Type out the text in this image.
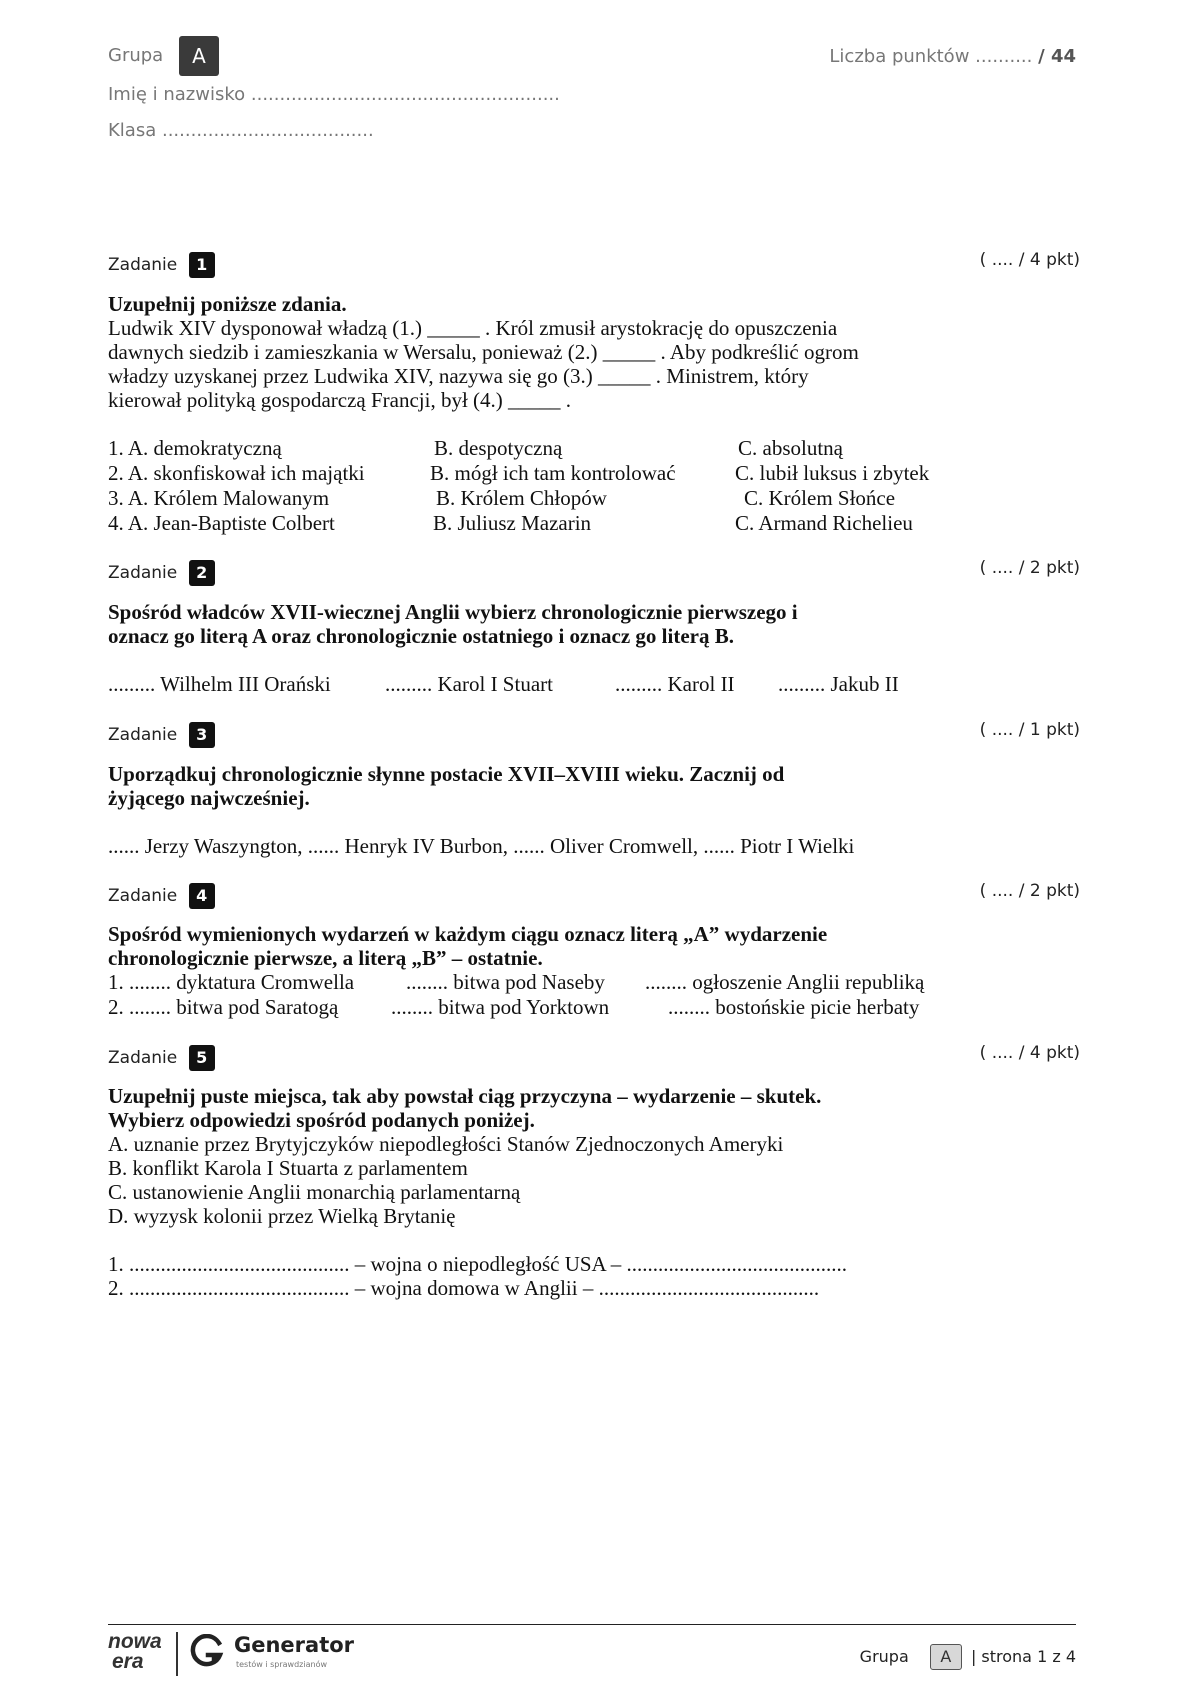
Grupa A	Liczba punktów .......... / 44
Imię i nazwisko ......................................................
Klasa .....................................
Zadanie 1	( .... / 4 pkt)
Uzupełnij poniższe zdania.
Ludwik XIV dysponował władzą (1.) _____ . Król zmusił arystokrację do opuszczenia
dawnych siedzib i zamieszkania w Wersalu, ponieważ (2.) _____ . Aby podkreślić ogrom
władzy uzyskanej przez Ludwika XIV, nazywa się go (3.) _____ . Ministrem, który
kierował polityką gospodarczą Francji, był (4.) _____ .
1. A. demokratyczną	B. despotyczną	C. absolutną
2. A. skonfiskował ich majątki	B. mógł ich tam kontrolować	C. lubił luksus i zbytek
3. A. Królem Malowanym	B. Królem Chłopów	C. Królem Słońce
4. A. Jean-Baptiste Colbert	B. Juliusz Mazarin	C. Armand Richelieu
Zadanie 2	( .... / 2 pkt)
Spośród władców XVII-wiecznej Anglii wybierz chronologicznie pierwszego i
oznacz go literą A oraz chronologicznie ostatniego i oznacz go literą B.
......... Wilhelm III Orański	......... Karol I Stuart	......... Karol II ......... Jakub II
Zadanie 3	( .... / 1 pkt)
Uporządkuj chronologicznie słynne postacie XVII–XVIII wieku. Zacznij od
żyjącego najwcześniej.
...... Jerzy Waszyngton, ...... Henryk IV Burbon, ...... Oliver Cromwell, ...... Piotr I Wielki
Zadanie 4	( .... / 2 pkt)
Spośród wymienionych wydarzeń w każdym ciągu oznacz literą „A” wydarzenie
chronologicznie pierwsze, a literą „B” – ostatnie.
1. ........ dyktatura Cromwella ........ bitwa pod Naseby ........ ogłoszenie Anglii republiką
2. ........ bitwa pod Saratogą	........ bitwa pod Yorktown	........ bostońskie picie herbaty
Zadanie 5	( .... / 4 pkt)
Uzupełnij puste miejsca, tak aby powstał ciąg przyczyna – wydarzenie – skutek.
Wybierz odpowiedzi spośród podanych poniżej.
A. uznanie przez Brytyjczyków niepodległości Stanów Zjednoczonych Ameryki
B. konflikt Karola I Stuarta z parlamentem
C. ustanowienie Anglii monarchią parlamentarną
D. wyzysk kolonii przez Wielką Brytanię
1. .......................................... – wojna o niepodległość USA – ..........................................
2. .......................................... – wojna domowa w Anglii – ..........................................
nowa
era
Generator
testów i sprawdzianów	Grupa A | strona 1 z 4
